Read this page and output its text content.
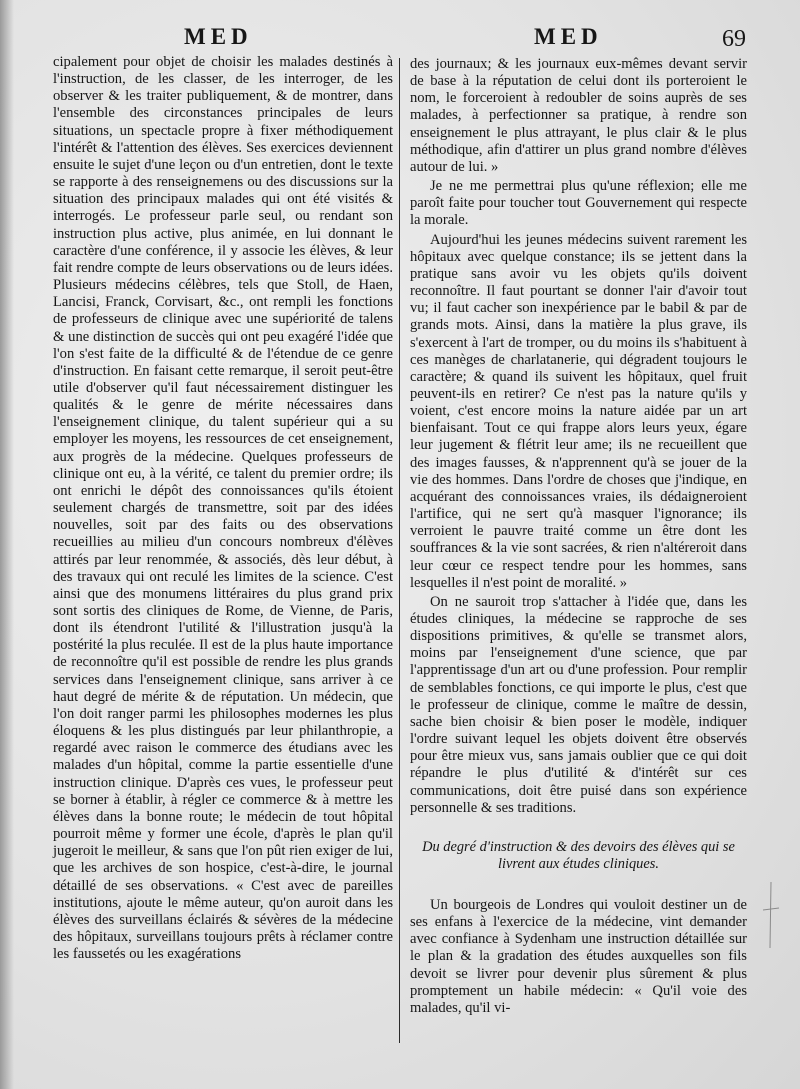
MED	MED	69

cipalement pour objet de choisir les malades destinés à l'instruction, de les classer, de les interroger, de les observer & les traiter publiquement, & de montrer, dans l'ensemble des circonstances principales de leurs situations, un spectacle propre à fixer méthodiquement l'intérêt & l'attention des élèves. Ses exercices deviennent ensuite le sujet d'une leçon ou d'un entretien, dont le texte se rapporte à des renseignemens ou des discussions sur la situation des principaux malades qui ont été visités & interrogés. Le professeur parle seul, ou rendant son instruction plus active, plus animée, en lui donnant le caractère d'une conférence, il y associe les élèves, & leur fait rendre compte de leurs observations ou de leurs idées. Plusieurs médecins célèbres, tels que Stoll, de Haen, Lancisi, Franck, Corvisart, &c., ont rempli les fonctions de professeurs de clinique avec une supériorité de talens & une distinction de succès qui ont peu exagéré l'idée que l'on s'est faite de la difficulté & de l'étendue de ce genre d'instruction. En faisant cette remarque, il seroit peut-être utile d'observer qu'il faut nécessairement distinguer les qualités & le genre de mérite nécessaires dans l'enseignement clinique, du talent supérieur qui a su employer les moyens, les ressources de cet enseignement, aux progrès de la médecine. Quelques professeurs de clinique ont eu, à la vérité, ce talent du premier ordre; ils ont enrichi le dépôt des connoissances qu'ils étoient seulement chargés de transmettre, soit par des idées nouvelles, soit par des faits ou des observations recueillies au milieu d'un concours nombreux d'élèves attirés par leur renommée, & associés, dès leur début, à des travaux qui ont reculé les limites de la science. C'est ainsi que des monumens littéraires du plus grand prix sont sortis des cliniques de Rome, de Vienne, de Paris, dont ils étendront l'utilité & l'illustration jusqu'à la postérité la plus reculée. Il est de la plus haute importance de reconnoître qu'il est possible de rendre les plus grands services dans l'enseignement clinique, sans arriver à ce haut degré de mérite & de réputation. Un médecin, que l'on doit ranger parmi les philosophes modernes les plus éloquens & les plus distingués par leur philanthropie, a regardé avec raison le commerce des étudians avec les malades d'un hôpital, comme la partie essentielle d'une instruction clinique. D'après ces vues, le professeur peut se borner à établir, à régler ce commerce & à mettre les élèves dans la bonne route; le médecin de tout hôpital pourroit même y former une école, d'après le plan qu'il jugeroit le meilleur, & sans que l'on pût rien exiger de lui, que les archives de son hospice, c'est-à-dire, le journal détaillé de ses observations. « C'est avec de pareilles institutions, ajoute le même auteur, qu'on auroit dans les élèves des surveillans éclairés & sévères de la médecine des hôpitaux, surveillans toujours prêts à réclamer contre les faussetés ou les exagérations

des journaux; & les journaux eux-mêmes devant servir de base à la réputation de celui dont ils porteroient le nom, le forceroient à redoubler de soins auprès de ses malades, à perfectionner sa pratique, à rendre son enseignement le plus attrayant, le plus clair & le plus méthodique, afin d'attirer un plus grand nombre d'élèves autour de lui. »

Je ne me permettrai plus qu'une réflexion; elle me paroît faite pour toucher tout Gouvernement qui respecte la morale.

Aujourd'hui les jeunes médecins suivent rarement les hôpitaux avec quelque constance; ils se jettent dans la pratique sans avoir vu les objets qu'ils doivent reconnoître. Il faut pourtant se donner l'air d'avoir tout vu; il faut cacher son inexpérience par le babil & par de grands mots. Ainsi, dans la matière la plus grave, ils s'exercent à l'art de tromper, ou du moins ils s'habituent à ces manèges de charlatanerie, qui dégradent toujours le caractère; & quand ils suivent les hôpitaux, quel fruit peuvent-ils en retirer? Ce n'est pas la nature qu'ils y voient, c'est encore moins la nature aidée par un art bienfaisant. Tout ce qui frappe alors leurs yeux, égare leur jugement & flétrit leur ame; ils ne recueillent que des images fausses, & n'apprennent qu'à se jouer de la vie des hommes. Dans l'ordre de choses que j'indique, en acquérant des connoissances vraies, ils dédaigneroient l'artifice, qui ne sert qu'à masquer l'ignorance; ils verroient le pauvre traité comme un être dont les souffrances & la vie sont sacrées, & rien n'altéreroit dans leur cœur ce respect tendre pour les hommes, sans lesquelles il n'est point de moralité. »

On ne sauroit trop s'attacher à l'idée que, dans les études cliniques, la médecine se rapproche de ses dispositions primitives, & qu'elle se transmet alors, moins par l'enseignement d'une science, que par l'apprentissage d'un art ou d'une profession. Pour remplir de semblables fonctions, ce qui importe le plus, c'est que le professeur de clinique, comme le maître de dessin, sache bien choisir & bien poser le modèle, indiquer l'ordre suivant lequel les objets doivent être observés pour être mieux vus, sans jamais oublier que ce qui doit répandre le plus d'utilité & d'intérêt sur ces communications, doit être puisé dans son expérience personnelle & ses traditions.

Du degré d'instruction & des devoirs des élèves qui se livrent aux études cliniques.

Un bourgeois de Londres qui vouloit destiner un de ses enfans à l'exercice de la médecine, vint demander avec confiance à Sydenham une instruction détaillée sur le plan & la gradation des études auxquelles son fils devoit se livrer pour devenir plus sûrement & plus promptement un habile médecin: « Qu'il voie des malades, qu'il vi-
